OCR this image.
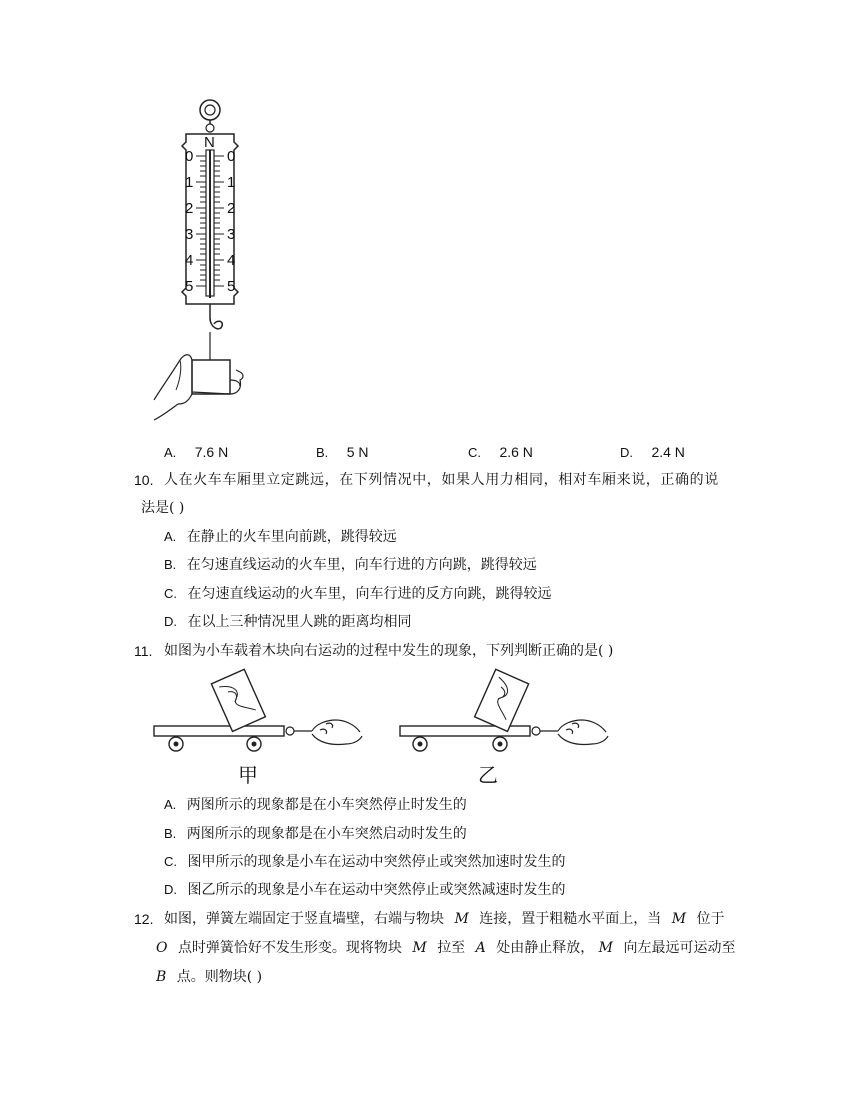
N
0
1
2
3
4
5
0
1
2
3
4
5
A. 7.6 N	B. 5 N	C. 2.6 N	D. 2.4 N
10. 人在火车车厢里立定跳远，在下列情况中，如果人用力相同，相对车厢来说，正确的说
法是( )
A. 在静止的火车里向前跳，跳得较远
B. 在匀速直线运动的火车里，向车行进的方向跳，跳得较远
C. 在匀速直线运动的火车里，向车行进的反方向跳，跳得较远
D. 在以上三种情况里人跳的距离均相同
11. 如图为小车载着木块向右运动的过程中发生的现象，下列判断正确的是( )
甲	乙
A. 两图所示的现象都是在小车突然停止时发生的
B. 两图所示的现象都是在小车突然启动时发生的
C. 图甲所示的现象是小车在运动中突然停止或突然加速时发生的
D. 图乙所示的现象是小车在运动中突然停止或突然减速时发生的
12. 如图，弹簧左端固定于竖直墙壁，右端与物块 M 连接，置于粗糙水平面上，当 M 位于
O 点时弹簧恰好不发生形变。现将物块 M 拉至 A 处由静止释放， M 向左最远可运动至
B 点。则物块( )
